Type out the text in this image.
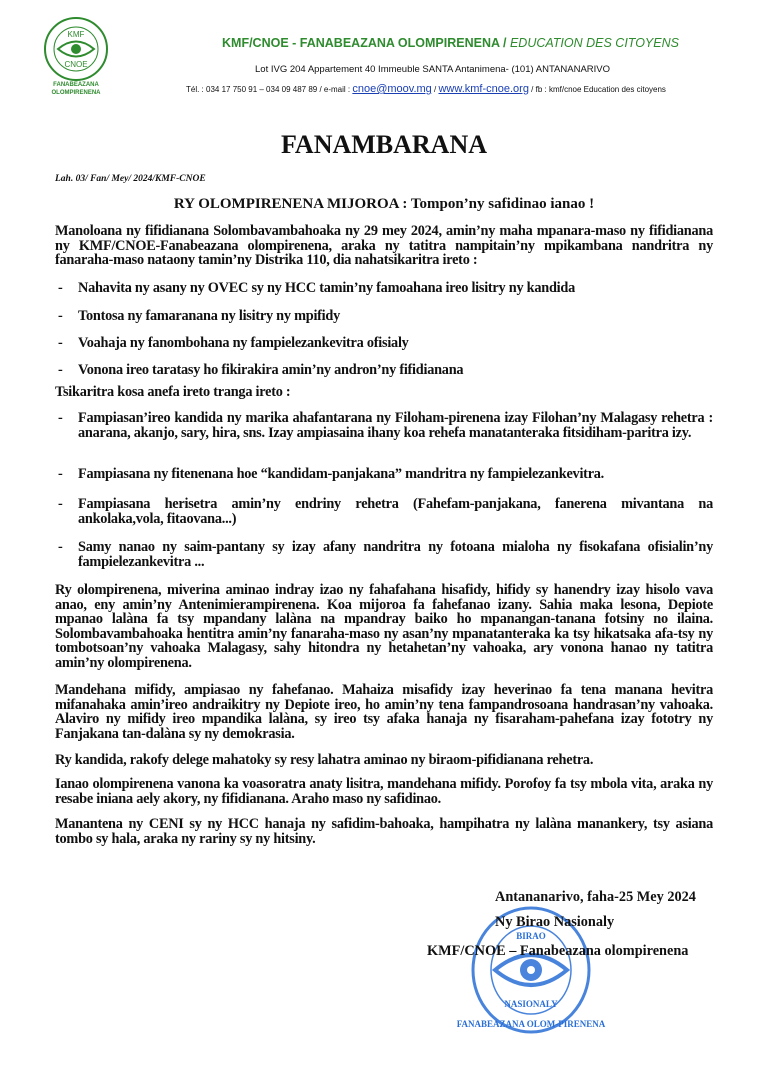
KMF
CNOE
FANABEAZANA
OLOMPIRENENA
KMF/CNOE - FANABEAZANA OLOMPIRENENA / EDUCATION DES CITOYENS
Lot IVG 204 Appartement 40 Immeuble SANTA Antanimena- (101) ANTANANARIVO
Tél. : 034 17 750 91 – 034 09 487 89 / e-mail : cnoe@moov.mg / www.kmf-cnoe.org / fb : kmf/cnoe Education des citoyens
FANAMBARANA
Lah. 03/ Fan/ Mey/ 2024/KMF-CNOE
RY OLOMPIRENENA MIJOROA : Tompon’ny safidinao ianao !
Manoloana ny fifidianana Solombavambahoaka ny 29 mey 2024, amin’ny maha mpanara-maso ny fifidianana ny KMF/CNOE-Fanabeazana olompirenena, araka ny tatitra nampitain’ny mpikambana nandritra ny fanaraha-maso nataony tamin’ny Distrika 110, dia nahatsikaritra ireto :
- Nahavita ny asany ny OVEC sy ny HCC tamin’ny famoahana ireo lisitry ny kandida
- Tontosa ny famaranana ny lisitry ny mpifidy
- Voahaja ny fanombohana ny fampielezankevitra ofisialy
- Vonona ireo taratasy ho fikirakira amin’ny andron’ny fifidianana
Tsikaritra kosa anefa ireto tranga ireto :
- Fampiasan’ireo kandida ny marika ahafantarana ny Filoham-pirenena izay Filohan’ny Malagasy rehetra : anarana, akanjo, sary, hira, sns. Izay ampiasaina ihany koa rehefa manatanteraka fitsidiham-paritra izy.
- Fampiasana ny fitenenana hoe “kandidam-panjakana” mandritra ny fampielezankevitra.
- Fampiasana herisetra amin’ny endriny rehetra (Fahefam-panjakana, fanerena mivantana na ankolaka,vola, fitaovana...)
- Samy nanao ny saim-pantany sy izay afany nandritra ny fotoana mialoha ny fisokafana ofisialin’ny fampielezankevitra ...
Ry olompirenena, miverina aminao indray izao ny fahafahana hisafidy, hifidy sy hanendry izay hisolo vava anao, eny amin’ny Antenimierampirenena. Koa mijoroa fa fahefanao izany. Sahia maka lesona, Depiote mpanao lalàna fa tsy mpandany lalàna na mpandray baiko ho mpanangan-tanana fotsiny no ilaina. Solombavambahoaka hentitra amin’ny fanaraha-maso ny asan’ny mpanatanteraka ka tsy hikatsaka afa-tsy ny tombotsoan’ny vahoaka Malagasy, sahy hitondra ny hetahetan’ny vahoaka, ary vonona hanao ny tatitra amin’ny olompirenena.
Mandehana mifidy, ampiasao ny fahefanao. Mahaiza misafidy izay heverinao fa tena manana hevitra mifanahaka amin’ireo andraikitry ny Depiote ireo, ho amin’ny tena fampandrosoana handrasan’ny vahoaka. Alaviro ny mifidy ireo mpandika lalàna, sy ireo tsy afaka hanaja ny fisaraham-pahefana izay fototry ny Fanjakana tan-dalàna sy ny demokrasia.
Ry kandida, rakofy delege mahatoky sy resy lahatra aminao ny biraom-pifidianana rehetra.
Ianao olompirenena vanona ka voasoratra anaty lisitra, mandehana mifidy. Porofoy fa tsy mbola vita, araka ny resabe iniana aely akory, ny fifidianana. Araho maso ny safidinao.
Manantena ny CENI sy ny HCC hanaja ny safidim-bahoaka, hampihatra ny lalàna manankery, tsy asiana tombo sy hala, araka ny rariny sy ny hitsiny.
BIRAO
NASIONALY
FANABEAZANA OLOM-PIRENENA
Antananarivo, faha-25 Mey 2024
Ny Birao Nasionaly
KMF/CNOE – Fanabeazana olompirenena
